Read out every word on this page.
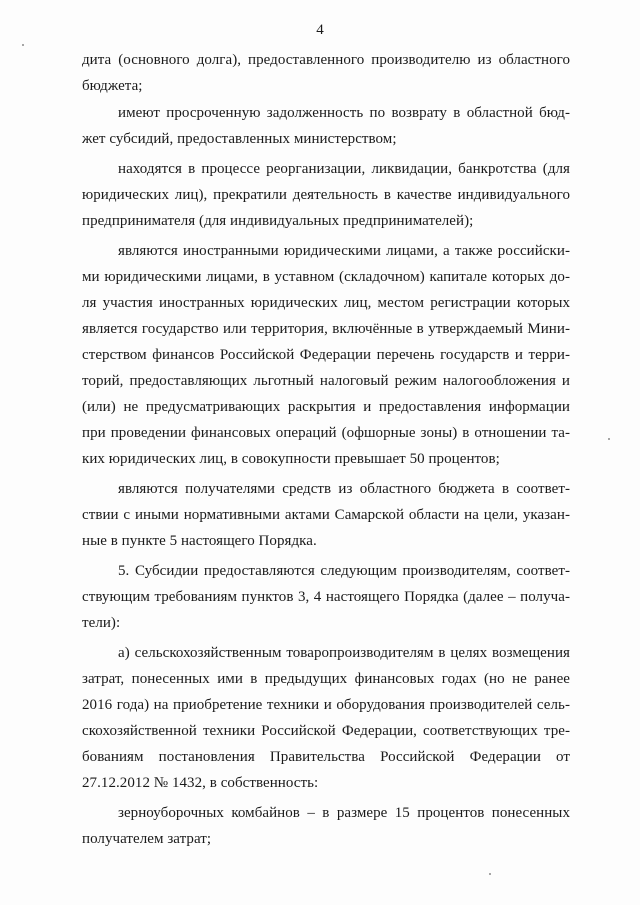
4
дита (основного долга), предоставленного производителю из областного
бюджета;
имеют просроченную задолженность по возврату в областной бюд-
жет субсидий, предоставленных министерством;
находятся в процессе реорганизации, ликвидации, банкротства (для
юридических лиц), прекратили деятельность в качестве индивидуального
предпринимателя (для индивидуальных предпринимателей);
являются иностранными юридическими лицами, а также российски-
ми юридическими лицами, в уставном (складочном) капитале которых до-
ля участия иностранных юридических лиц, местом регистрации которых
является государство или территория, включённые в утверждаемый Мини-
стерством финансов Российской Федерации перечень государств и терри-
торий, предоставляющих льготный налоговый режим налогообложения и
(или) не предусматривающих раскрытия и предоставления информации
при проведении финансовых операций (офшорные зоны) в отношении та-
ких юридических лиц, в совокупности превышает 50 процентов;
являются получателями средств из областного бюджета в соответ-
ствии с иными нормативными актами Самарской области на цели, указан-
ные в пункте 5 настоящего Порядка.
5. Субсидии предоставляются следующим производителям, соответ-
ствующим требованиям пунктов 3, 4 настоящего Порядка (далее – получа-
тели):
а) сельскохозяйственным товаропроизводителям в целях возмещения
затрат, понесенных ими в предыдущих финансовых годах (но не ранее
2016 года) на приобретение техники и оборудования производителей сель-
скохозяйственной техники Российской Федерации, соответствующих тре-
бованиям постановления Правительства Российской Федерации от
27.12.2012 № 1432, в собственность:
зерноуборочных комбайнов – в размере 15 процентов понесенных
получателем затрат;
